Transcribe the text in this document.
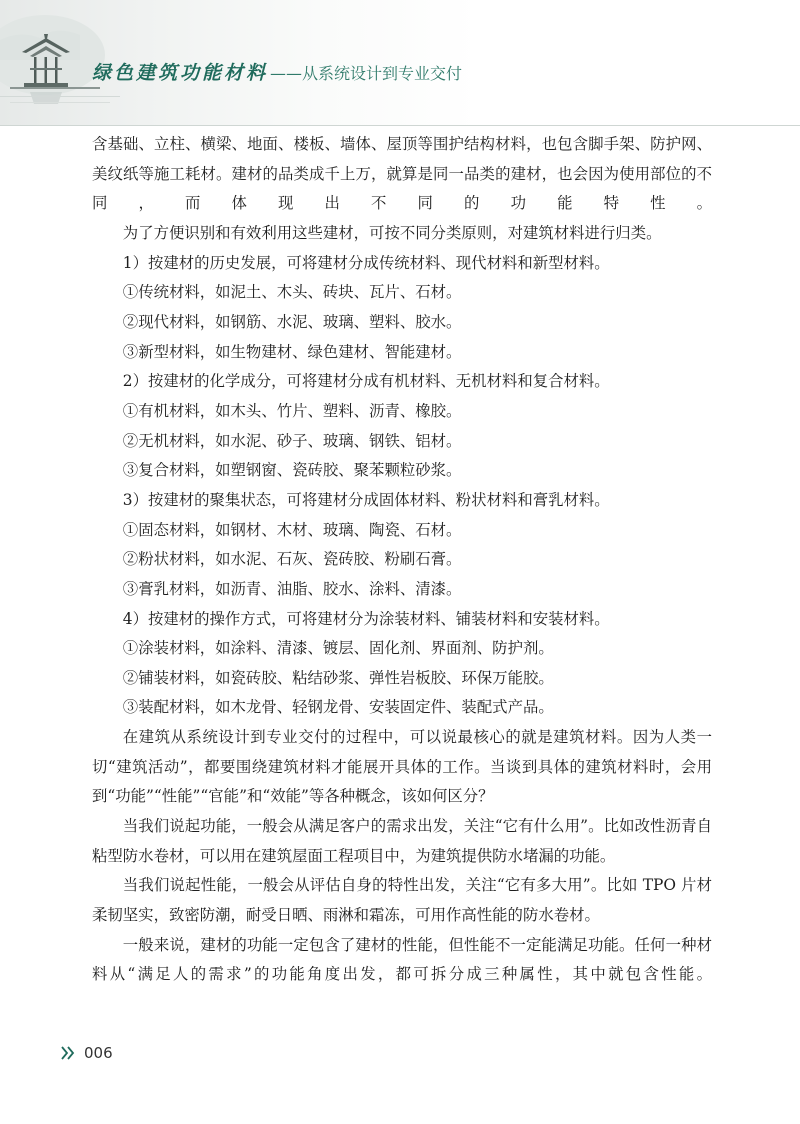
绿色建筑功能材料 ——从系统设计到专业交付

含基础、立柱、横梁、地面、楼板、墙体、屋顶等围护结构材料，也包含脚手架、防护网、美纹纸等施工耗材。建材的品类成千上万，就算是同一品类的建材，也会因为使用部位的不同，而体现出不同的功能特性。

为了方便识别和有效利用这些建材，可按不同分类原则，对建筑材料进行归类。

1）按建材的历史发展，可将建材分成传统材料、现代材料和新型材料。

①传统材料，如泥土、木头、砖块、瓦片、石材。

②现代材料，如钢筋、水泥、玻璃、塑料、胶水。

③新型材料，如生物建材、绿色建材、智能建材。

2）按建材的化学成分，可将建材分成有机材料、无机材料和复合材料。

①有机材料，如木头、竹片、塑料、沥青、橡胶。

②无机材料，如水泥、砂子、玻璃、钢铁、铝材。

③复合材料，如塑钢窗、瓷砖胶、聚苯颗粒砂浆。

3）按建材的聚集状态，可将建材分成固体材料、粉状材料和膏乳材料。

①固态材料，如钢材、木材、玻璃、陶瓷、石材。

②粉状材料，如水泥、石灰、瓷砖胶、粉刷石膏。

③膏乳材料，如沥青、油脂、胶水、涂料、清漆。

4）按建材的操作方式，可将建材分为涂装材料、铺装材料和安装材料。

①涂装材料，如涂料、清漆、镀层、固化剂、界面剂、防护剂。

②铺装材料，如瓷砖胶、粘结砂浆、弹性岩板胶、环保万能胶。

③装配材料，如木龙骨、轻钢龙骨、安装固定件、装配式产品。

在建筑从系统设计到专业交付的过程中，可以说最核心的就是建筑材料。因为人类一切“建筑活动”，都要围绕建筑材料才能展开具体的工作。当谈到具体的建筑材料时，会用到“功能”“性能”“官能”和“效能”等各种概念，该如何区分？

当我们说起功能，一般会从满足客户的需求出发，关注“它有什么用”。比如改性沥青自粘型防水卷材，可以用在建筑屋面工程项目中，为建筑提供防水堵漏的功能。

当我们说起性能，一般会从评估自身的特性出发，关注“它有多大用”。比如 TPO 片材柔韧坚实，致密防潮，耐受日晒、雨淋和霜冻，可用作高性能的防水卷材。

一般来说，建材的功能一定包含了建材的性能，但性能不一定能满足功能。任何一种材料从“满足人的需求”的功能角度出发，都可拆分成三种属性，其中就包含性能。

006
